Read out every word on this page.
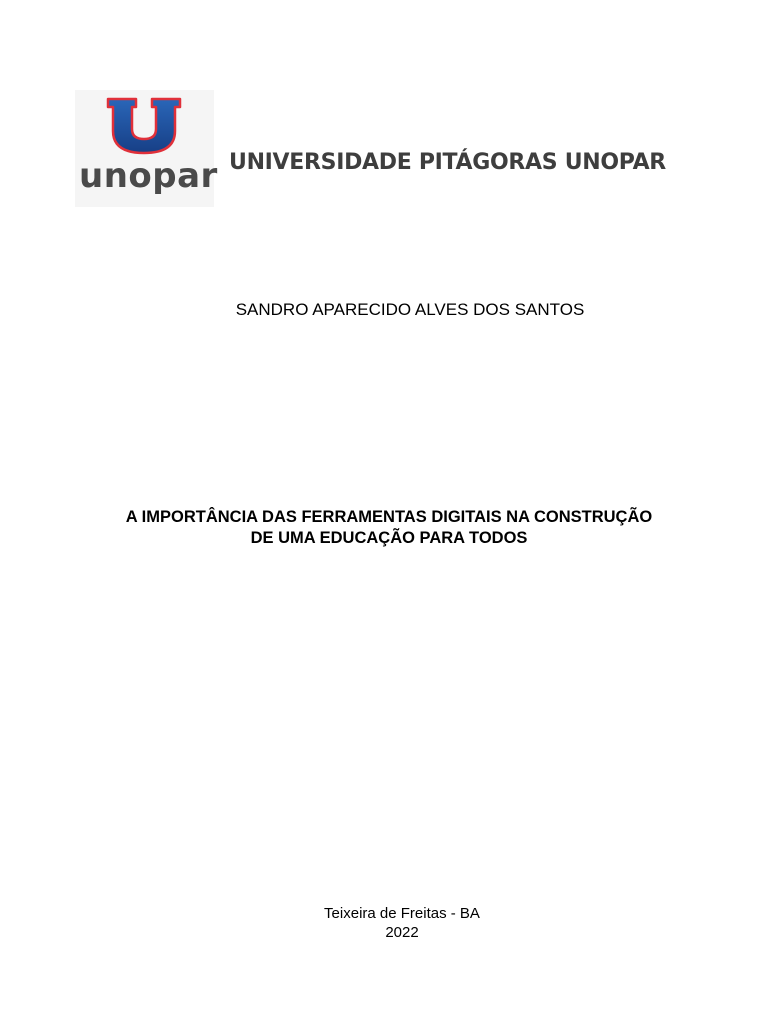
unopar UNIVERSIDADE PITÁGORAS UNOPAR
SANDRO APARECIDO ALVES DOS SANTOS
A IMPORTÂNCIA DAS FERRAMENTAS DIGITAIS NA CONSTRUÇÃO
DE UMA EDUCAÇÃO PARA TODOS
Teixeira de Freitas - BA
2022
